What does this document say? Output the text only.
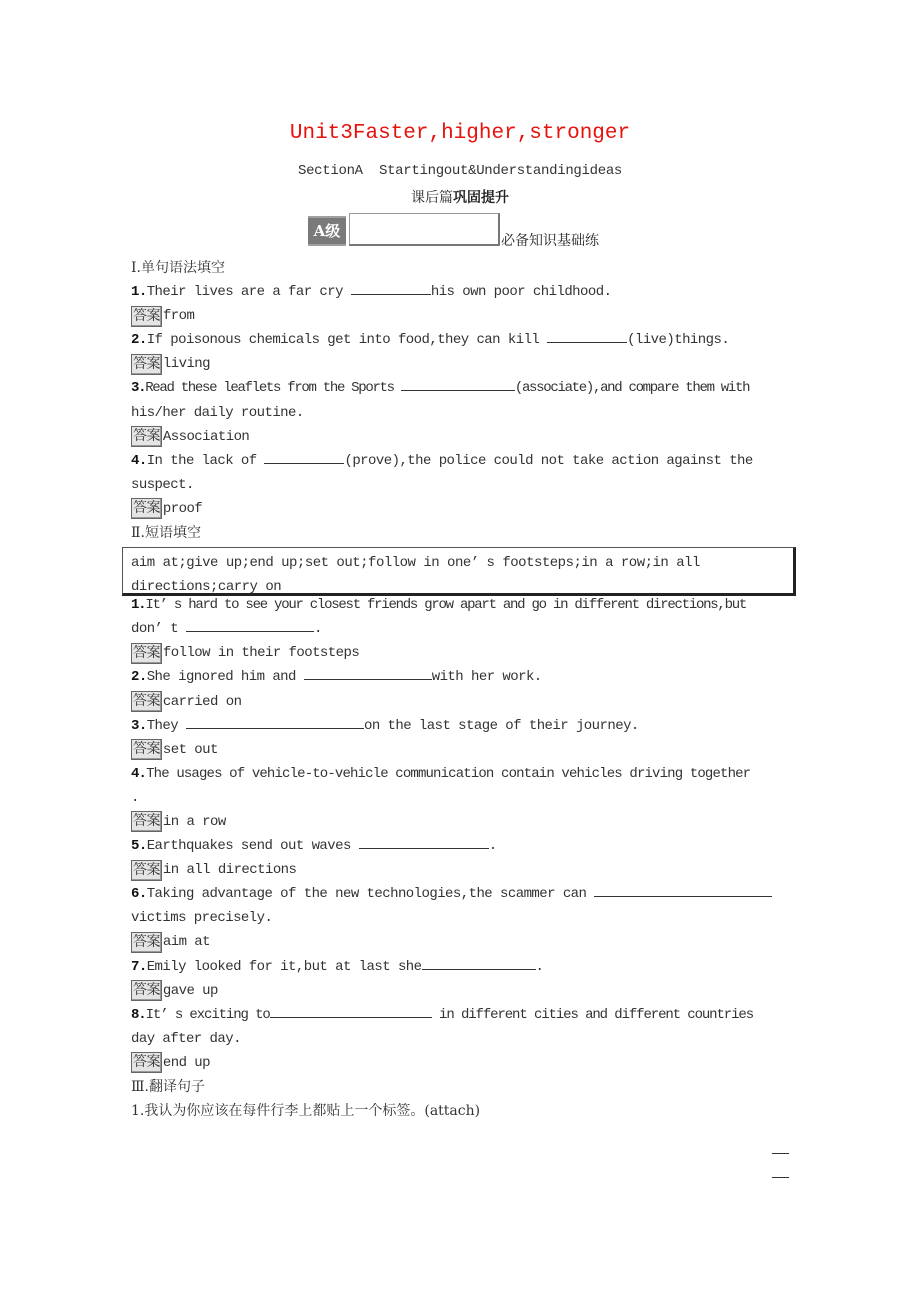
Unit3Faster,higher,stronger
SectionA  Startingout&Understandingideas
课后篇巩固提升
A级
必备知识基础练
Ⅰ.单句语法填空
1.Their lives are a far cry	his own poor childhood.
答案 from
2.If poisonous chemicals get into food,they can kill	(live)things.
答案 living
3.Read these leaflets from the Sports	(associate),and compare them with
his/her daily routine.
答案 Association
4.In the lack of	(prove),the police could not take action against the
suspect.
答案 proof
Ⅱ.短语填空
1.It’ s hard to see your closest friends grow apart and go in different directions,but
don’ t	.
答案 follow in their footsteps
2.She ignored him and	with her work.
答案 carried on
3.They	on the last stage of their journey.
答案 set out
4.The usages of vehicle-to-vehicle communication contain vehicles driving together
.
答案 in a row
5.Earthquakes send out waves	.
答案 in all directions
6.Taking advantage of the new technologies,the scammer can
victims precisely.
答案 aim at
7.Emily looked for it,but at last she	.
答案 gave up
8.It’ s exciting to	in different cities and different countries
day after day.
答案 end up
Ⅲ.翻译句子
1.我认为你应该在每件行李上都贴上一个标签。(attach)
aim at;give up;end up;set out;follow in one’ s footsteps;in a row;in all
directions;carry on
